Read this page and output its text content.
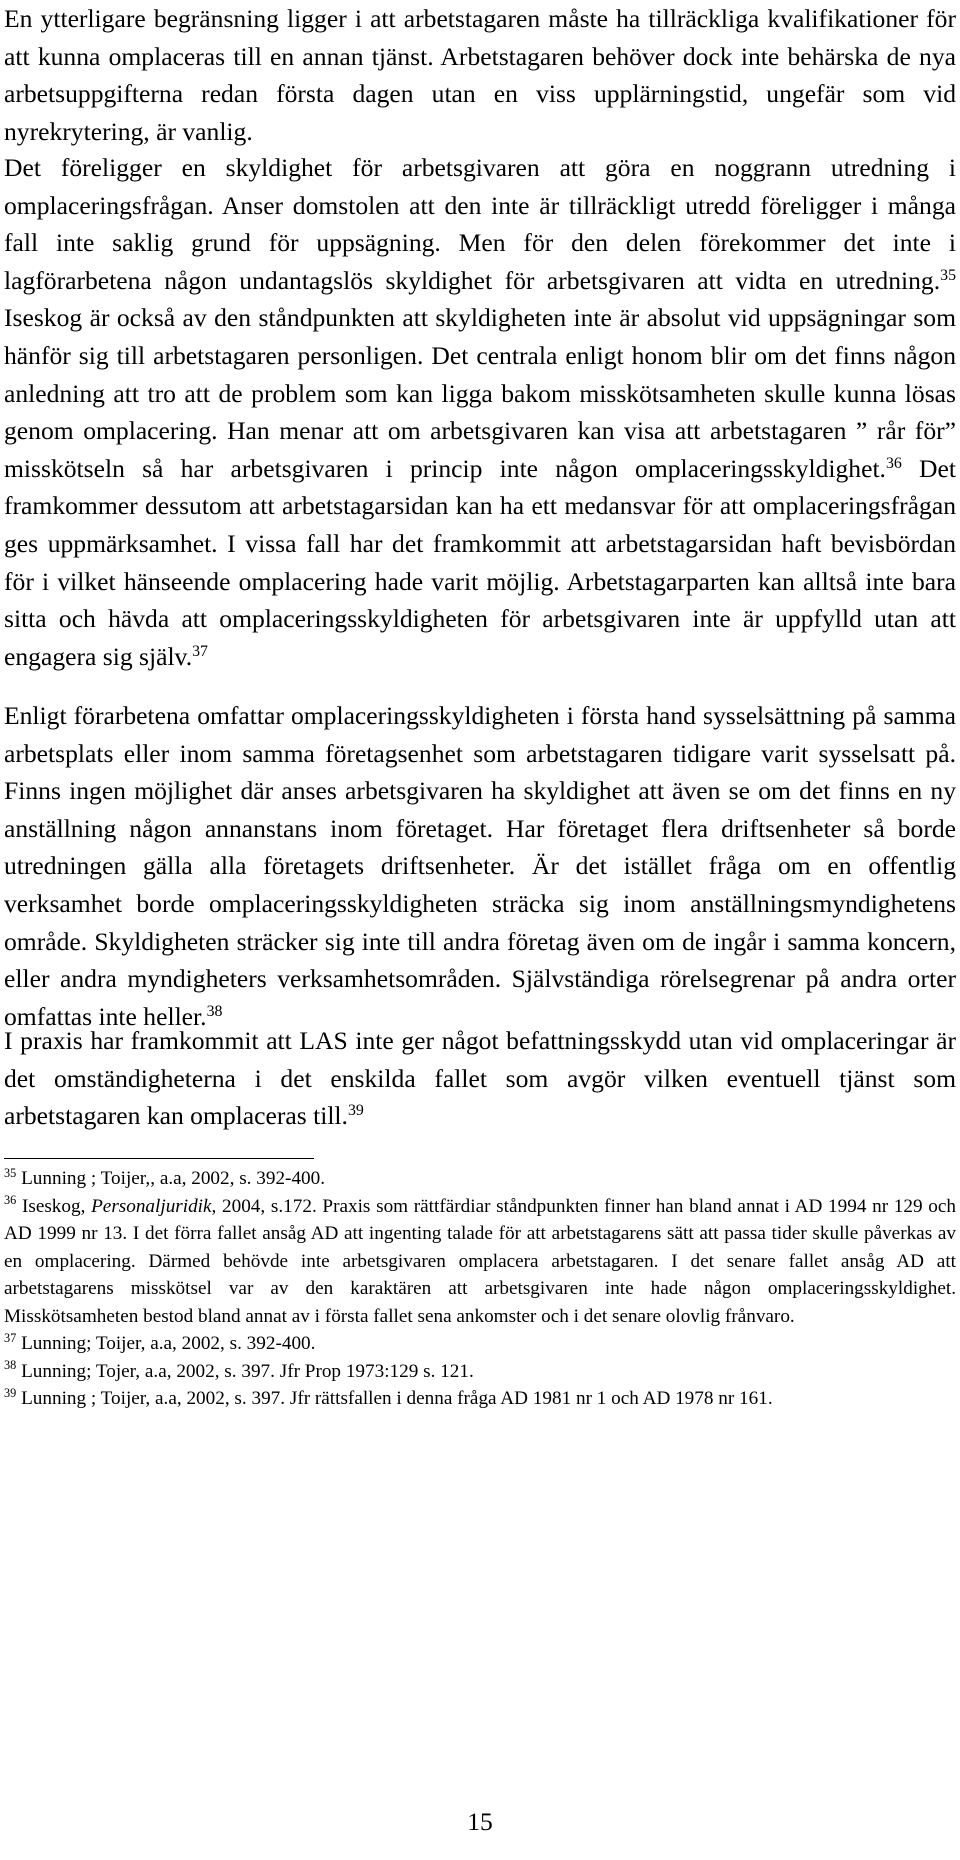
En ytterligare begränsning ligger i att arbetstagaren måste ha tillräckliga kvalifikationer för att kunna omplaceras till en annan tjänst. Arbetstagaren behöver dock inte behärska de nya arbetsuppgifterna redan första dagen utan en viss upplärningstid, ungefär som vid nyrekrytering, är vanlig.

Det föreligger en skyldighet för arbetsgivaren att göra en noggrann utredning i omplaceringsfrågan. Anser domstolen att den inte är tillräckligt utredd föreligger i många fall inte saklig grund för uppsägning. Men för den delen förekommer det inte i lagförarbetena någon undantagslös skyldighet för arbetsgivaren att vidta en utredning.$^{35}$ Iseskog är också av den ståndpunkten att skyldigheten inte är absolut vid uppsägningar som hänför sig till arbetstagaren personligen. Det centrala enligt honom blir om det finns någon anledning att tro att de problem som kan ligga bakom misskötsamheten skulle kunna lösas genom omplacering. Han menar att om arbetsgivaren kan visa att arbetstagaren ” rår för” misskötseln så har arbetsgivaren i princip inte någon omplaceringsskyldighet.$^{36}$ Det framkommer dessutom att arbetstagarsidan kan ha ett medansvar för att omplaceringsfrågan ges uppmärksamhet. I vissa fall har det framkommit att arbetstagarsidan haft bevisbördan för i vilket hänseende omplacering hade varit möjlig. Arbetstagarparten kan alltså inte bara sitta och hävda att omplaceringsskyldigheten för arbetsgivaren inte är uppfylld utan att engagera sig själv.$^{37}$

Enligt förarbetena omfattar omplaceringsskyldigheten i första hand sysselsättning på samma arbetsplats eller inom samma företagsenhet som arbetstagaren tidigare varit sysselsatt på. Finns ingen möjlighet där anses arbetsgivaren ha skyldighet att även se om det finns en ny anställning någon annanstans inom företaget. Har företaget flera driftsenheter så borde utredningen gälla alla företagets driftsenheter. Är det istället fråga om en offentlig verksamhet borde omplaceringsskyldigheten sträcka sig inom anställningsmyndighetens område. Skyldigheten sträcker sig inte till andra företag även om de ingår i samma koncern, eller andra myndigheters verksamhetsområden. Självständiga rörelsegrenar på andra orter omfattas inte heller.$^{38}$

I praxis har framkommit att LAS inte ger något befattningsskydd utan vid omplaceringar är det omständigheterna i det enskilda fallet som avgör vilken eventuell tjänst som arbetstagaren kan omplaceras till.$^{39}$

$^{35}$ Lunning ; Toijer,, a.a, 2002, s. 392-400.

$^{36}$ Iseskog, Personaljuridik, 2004, s.172. Praxis som rättfärdiar ståndpunkten finner han bland annat i AD 1994 nr 129 och AD 1999 nr 13. I det förra fallet ansåg AD att ingenting talade för att arbetstagarens sätt att passa tider skulle påverkas av en omplacering. Därmed behövde inte arbetsgivaren omplacera arbetstagaren. I det senare fallet ansåg AD att arbetstagarens misskötsel var av den karaktären att arbetsgivaren inte hade någon omplaceringsskyldighet. Misskötsamheten bestod bland annat av i första fallet sena ankomster och i det senare olovlig frånvaro.

$^{37}$ Lunning; Toijer, a.a, 2002, s. 392-400.

$^{38}$ Lunning; Tojer, a.a, 2002, s. 397. Jfr Prop 1973:129 s. 121.

$^{39}$ Lunning ; Toijer, a.a, 2002, s. 397. Jfr rättsfallen i denna fråga AD 1981 nr 1 och AD 1978 nr 161.

15
